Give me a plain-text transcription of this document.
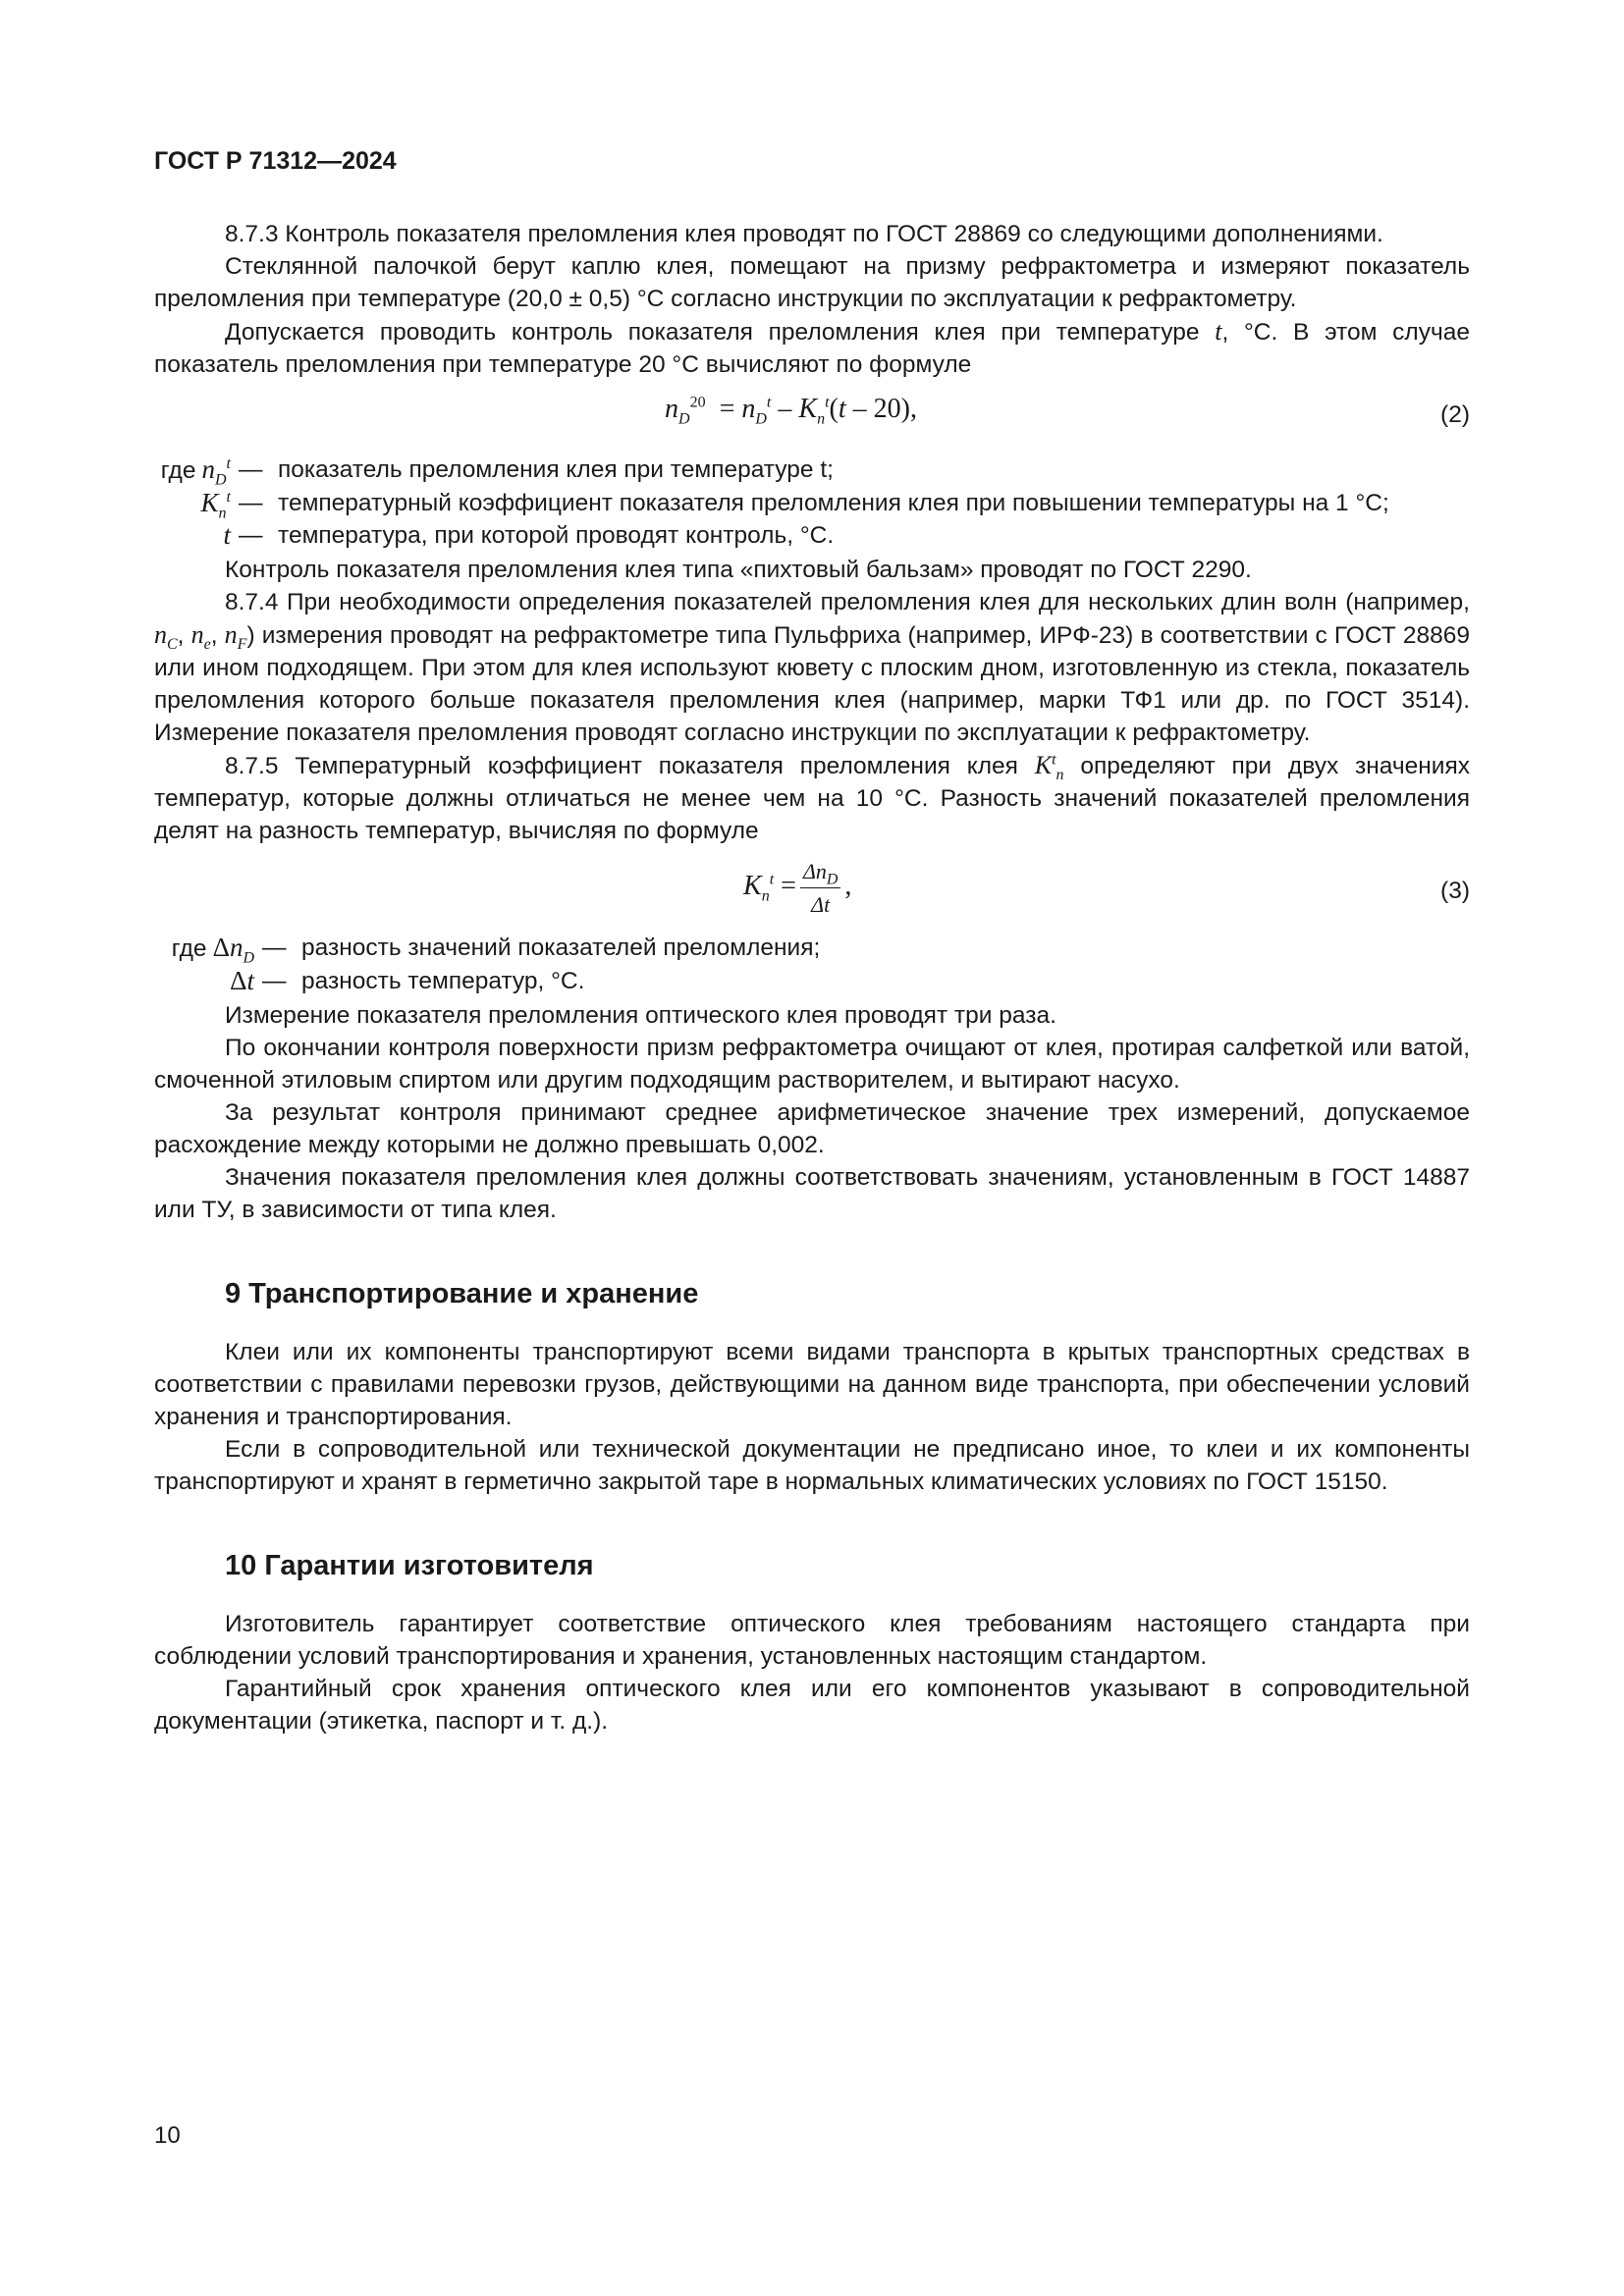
ГОСТ Р 71312—2024

8.7.3 Контроль показателя преломления клея проводят по ГОСТ 28869 со следующими дополнениями.

Стеклянной палочкой берут каплю клея, помещают на призму рефрактометра и измеряют показатель преломления при температуре (20,0 ± 0,5) °С согласно инструкции по эксплуатации к рефрактометру.

Допускается проводить контроль показателя преломления клея при температуре t, °С. В этом случае показатель преломления при температуре 20 °С вычисляют по формуле

$n_D^{20} = n_D^t - K_n^t(t - 20)$,	(2)
где $n_D^t$ — показатель преломления клея при температуре t;
$K_n^t$ — температурный коэффициент показателя преломления клея при повышении температуры на 1 °С;
t — температура, при которой проводят контроль, °С.

Контроль показателя преломления клея типа «пихтовый бальзам» проводят по ГОСТ 2290.

8.7.4 При необходимости определения показателей преломления клея для нескольких длин волн (например, $n_C$, $n_e$, $n_F$) измерения проводят на рефрактометре типа Пульфриха (например, ИРФ-23) в соответствии с ГОСТ 28869 или ином подходящем. При этом для клея используют кювету с плоским дном, изготовленную из стекла, показатель преломления которого больше показателя преломления клея (например, марки ТФ1 или др. по ГОСТ 3514). Измерение показателя преломления проводят согласно инструкции по эксплуатации к рефрактометру.

8.7.5 Температурный коэффициент показателя преломления клея $K^t_n$ определяют при двух значениях температур, которые должны отличаться не менее чем на 10 °С. Разность значений показателей преломления делят на разность температур, вычисляя по формуле

$K_n^t = \frac{\Delta n_D}{\Delta t}$ ,	(3)
где $\Delta n_D$ — разность значений показателей преломления;
Δt — разность температур, °С.

Измерение показателя преломления оптического клея проводят три раза.

По окончании контроля поверхности призм рефрактометра очищают от клея, протирая салфеткой или ватой, смоченной этиловым спиртом или другим подходящим растворителем, и вытирают насухо.

За результат контроля принимают среднее арифметическое значение трех измерений, допускаемое расхождение между которыми не должно превышать 0,002.

Значения показателя преломления клея должны соответствовать значениям, установленным в ГОСТ 14887 или ТУ, в зависимости от типа клея.

9 Транспортирование и хранение

Клеи или их компоненты транспортируют всеми видами транспорта в крытых транспортных средствах в соответствии с правилами перевозки грузов, действующими на данном виде транспорта, при обеспечении условий хранения и транспортирования.

Если в сопроводительной или технической документации не предписано иное, то клеи и их компоненты транспортируют и хранят в герметично закрытой таре в нормальных климатических условиях по ГОСТ 15150.

10 Гарантии изготовителя

Изготовитель гарантирует соответствие оптического клея требованиям настоящего стандарта при соблюдении условий транспортирования и хранения, установленных настоящим стандартом.

Гарантийный срок хранения оптического клея или его компонентов указывают в сопроводительной документации (этикетка, паспорт и т. д.).

10
